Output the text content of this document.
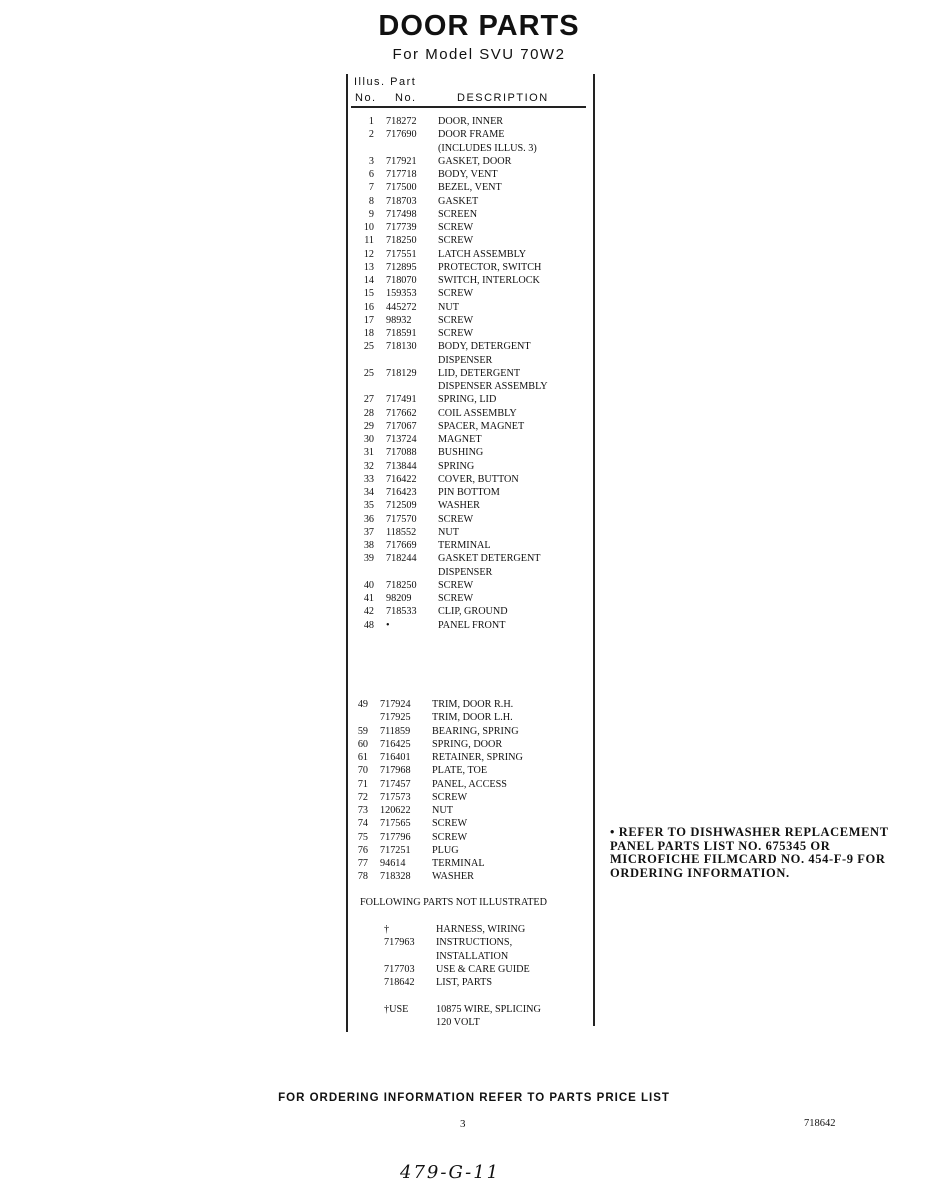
DOOR PARTS
For Model SVU 70W2
Illus. Part
No. No.	DESCRIPTION
1 718272 DOOR, INNER
2 717690 DOOR FRAME
(INCLUDES ILLUS. 3)
3 717921 GASKET, DOOR
6 717718 BODY, VENT
7 717500 BEZEL, VENT
8 718703 GASKET
9 717498 SCREEN
10 717739 SCREW
11 718250 SCREW
12 717551 LATCH ASSEMBLY
13 712895 PROTECTOR, SWITCH
14 718070 SWITCH, INTERLOCK
15 159353 SCREW
16 445272 NUT
17 98932	SCREW
18 718591 SCREW
25 718130 BODY, DETERGENT
DISPENSER
25 718129 LID, DETERGENT
DISPENSER ASSEMBLY
27 717491 SPRING, LID
28 717662 COIL ASSEMBLY
29 717067 SPACER, MAGNET
30 713724 MAGNET
31 717088 BUSHING
32 713844 SPRING
33 716422 COVER, BUTTON
34 716423 PIN BOTTOM
35 712509 WASHER
36 717570 SCREW
37 118552 NUT
38 717669 TERMINAL
39 718244 GASKET DETERGENT
DISPENSER
40 718250 SCREW
41 98209	SCREW
42 718533 CLIP, GROUND
48 •	PANEL FRONT
49 717924 TRIM, DOOR R.H.
717925 TRIM, DOOR L.H.
59 711859 BEARING, SPRING
60 716425 SPRING, DOOR
61 716401 RETAINER, SPRING
70 717968 PLATE, TOE
71 717457 PANEL, ACCESS
72 717573 SCREW
73 120622 NUT
74 717565 SCREW
75 717796 SCREW
76 717251 PLUG
77 94614	TERMINAL
78 718328 WASHER
FOLLOWING PARTS NOT ILLUSTRATED
†	HARNESS, WIRING
717963 INSTRUCTIONS,
INSTALLATION
717703 USE & CARE GUIDE
718642 LIST, PARTS
†USE	10875 WIRE, SPLICING
120 VOLT
• REFER TO DISHWASHER REPLACEMENT PANEL PARTS LIST NO. 675345 OR MICROFICHE FILMCARD NO. 454-F-9 FOR ORDERING INFORMATION.
FOR ORDERING INFORMATION REFER TO PARTS PRICE LIST
3	718642
479-G-11
